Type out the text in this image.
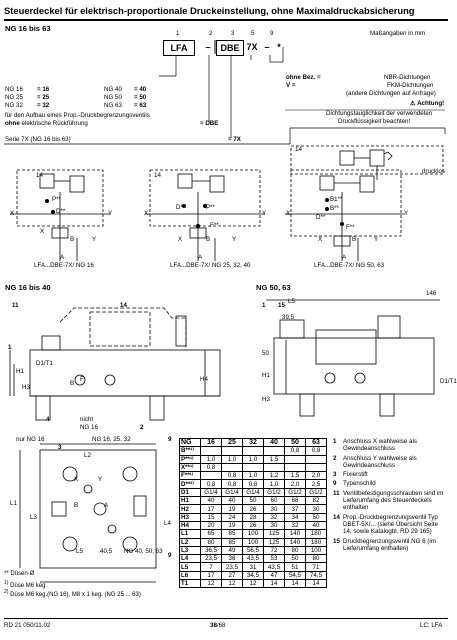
Steuerdeckel für elektrisch-proportionale Druckeinstellung, ohne Maximaldruckabsicherung
NG 16 bis 63
1	2	3	5	9	Maßangaben in mm
LFA	–	DBE 7X – *
NG 16 = 16
NG 25 = 25
NG 32 = 32
NG 40 = 40
NG 50 = 50
NG 63 = 63
für den Aufbau eines Prop.-Druckbegrenzungsventils
ohne elektrische Rückführung	= DBE
Serie 7X (NG 16 bis 63)	= 7X
ohne Bez. =	NBR-Dichtungen
V =	FKM-Dichtungen
(andere Dichtungen auf Anfrage)
⚠ Achtung!
Dichtungstauglichkeit der verwendeten
Druckflüssigkeit beachten!
14
drucklos
14
P**
D**
X	Y
X
B	Y
A
LFA...DBE-7X/ NG 16
14
D**	P**
F**
X	Y
X	B	Y
A
LFA...DBE-7X/ NG 25, 32, 40
B1**
B**
D**
F**
X	Y
X	B	Y
A
LFA...DBE-7X/ NG 50, 63
NG 16 bis 40	NG 50, 63
11	14
1
H1
H3
D1/T1
F
B
H4
4	nicht
NG 16	2
146
L5
39,5
1 15
50
H1
H3
D1/T1
nur NG 16
3
NG 16, 25, 32	9
L2
L1
L3
L4
X	Y
B	A
L5	40,5 NG 40, 50, 63
9
** Düsen-Ø
$^{1)}$ Düse M6 keg.
$^{2)}$ Düse M6 keg.(NG 16), M8 x 1 keg. (NG 25 ... 63)
NG	16	25	32	40	50	63
B**¹⁾					0,8	0,8
P**¹⁾	1,0	1,0	1,0	1,5		
X**¹⁾	0,8					
F**¹⁾		0,8	1,0	1,2	1,5	2,0
D**²⁾	0,8	0,8	0,8	1,0	2,0	2,5
D1	G1/4	G1/4	G1/4	G1/2	G1/2	G1/2
H1	40	40	50	60	68	82
H2	17	19	26	30	37	30
H3	15	24	28	32	34	50
H4	20	19	26	30	32	40
L1	65	85	100	125	140	180
L2	80	85	100	125	140	180
L3	36,5	49	56,5	72	80	100
L4	23,5	36	43,5	53	50	80
L5	7	23,5	31	43,5	51	71
L6	17	27	34,5	47	54,5	74,5
T1	12	12	12	14	14	14
1 Anschluss X wahlweise als Gewindeanschluss
2 Anschluss Y wahlweise als Gewindeanschluss
3 Fixierstift
9 Typenschild
11 Ventilbefestigungsschrauben sind im Lieferumfang des Steuerdeckels enthalten
14 Prop.-Druckbegrenzungsventil Typ DBET-5X/... (siehe Übersicht Seite 14, sowie Katalogbl. RD 29 165)
15 Druckbegrenzungsventil NG 6 (im Lieferumfang enthalten)
RD 21 050/11.02	38/68	LC; LFA
